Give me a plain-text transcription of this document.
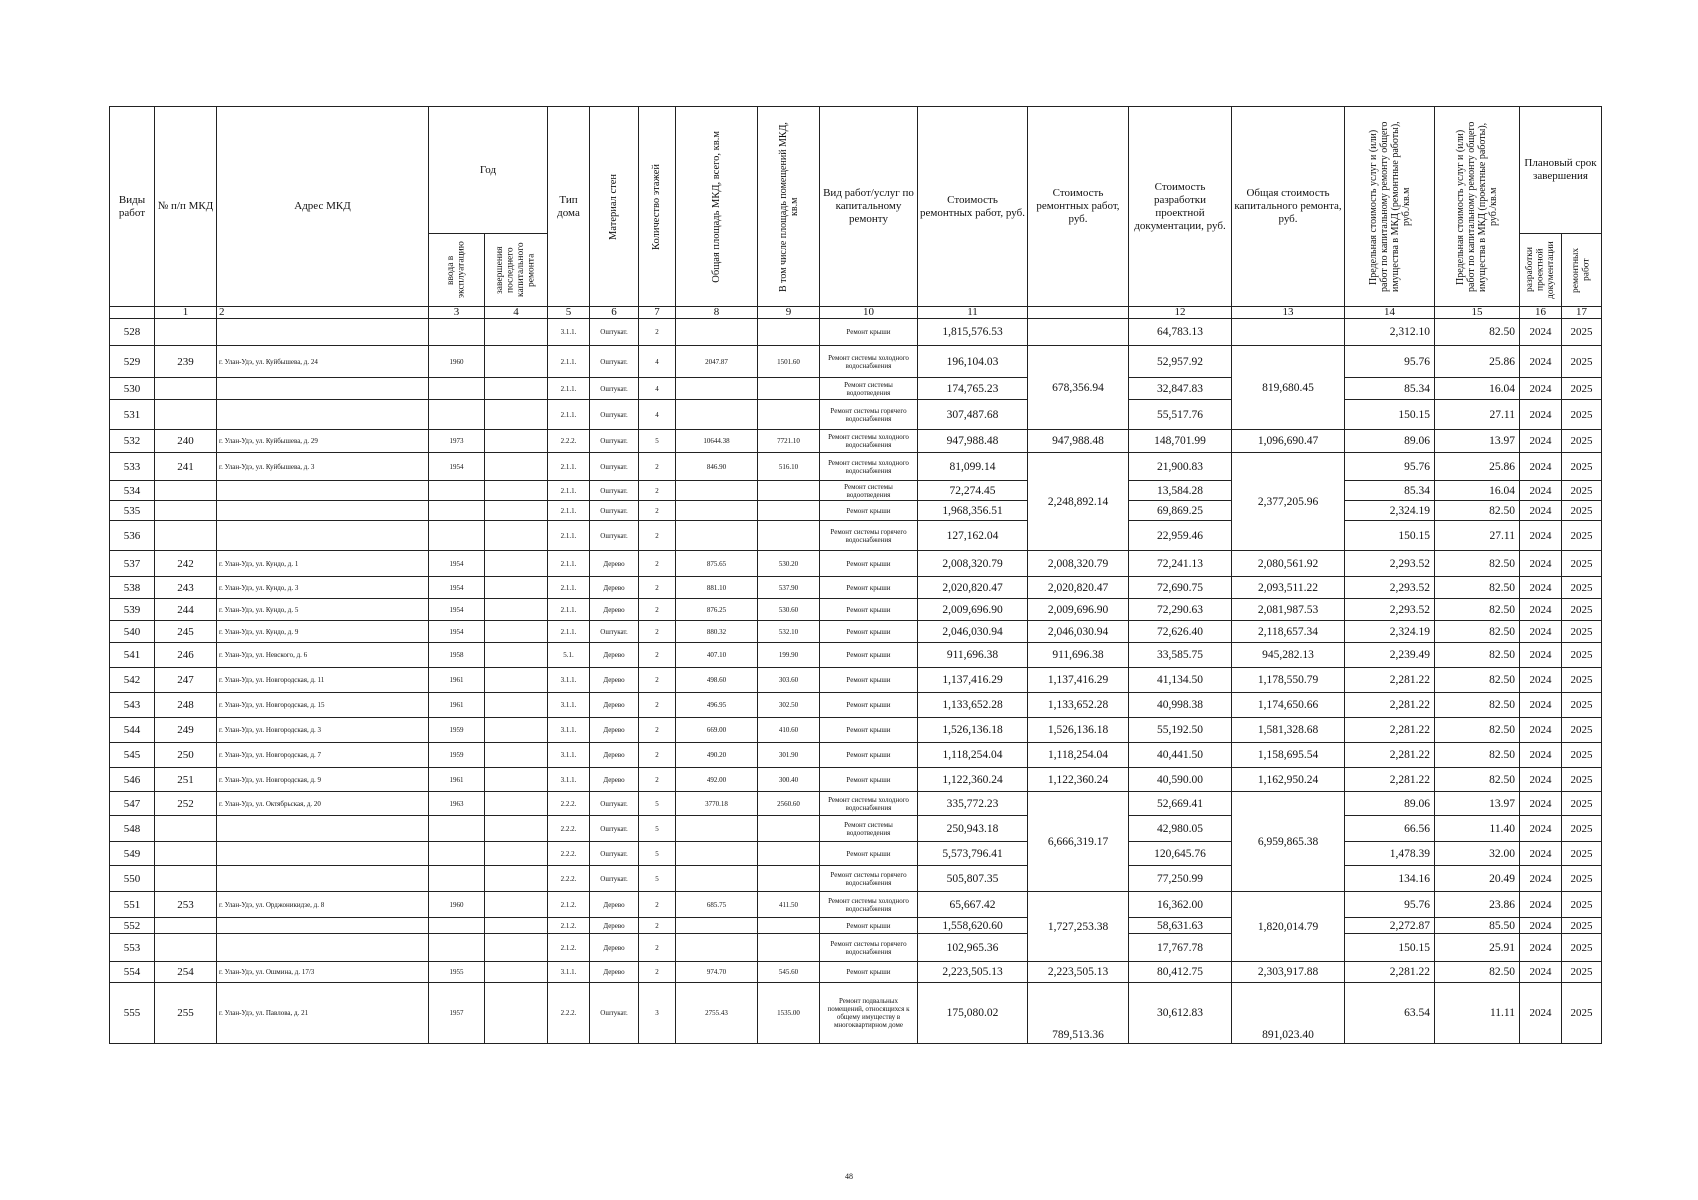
Виды работ	№ п/п МКД	Адрес МКД	Год		Тип дома	Материал стен	Количество этажей	Общая площадь МКД, всего, кв.м	В том числе площадь помещений МКД, кв.м	Вид работ/услуг по капитальному ремонту	Стоимость ремонтных работ, руб.	Стоимость ремонтных работ, руб.	Стоимость разработки проектной документации, руб.	Общая стоимость капитального ремонта, руб.	Предельная стоимость услуг и (или) работ по капитальному ремонту общего имущества в МКД (ремонтные работы), руб./кв.м	Предельная стоимость услуг и (или) работ по капитальному ремонту общего имущества в МКД (проектные работы), руб./кв.м	Плановый срок завершения	

			ввода в эксплуатацию	завершения последнего капитального ремонта													разработки проектной документации	ремонтных работ

	1	2	3	4	5	6	7	8	9	10	11		12	13	14	15	16	17
528					3.1.1.	Оштукат.	2			Ремонт крыши	1,815,576.53		64,783.13		2,312.10	82.50	2024	2025
529	239	г. Улан-Удэ, ул. Куйбышева, д. 24	1960		2.1.1.	Оштукат.	4	2047.87	1501.60	Ремонт системы холодного водоснабжения	196,104.03	678,356.94	52,957.92	819,680.45	95.76	25.86	2024	2025
530					2.1.1.	Оштукат.	4			Ремонт системы водоотведения	174,765.23		32,847.83		85.34	16.04	2024	2025
531					2.1.1.	Оштукат.	4			Ремонт системы горячего водоснабжения	307,487.68		55,517.76		150.15	27.11	2024	2025
532	240	г. Улан-Удэ, ул. Куйбышева, д. 29	1973		2.2.2.	Оштукат.	5	10644.38	7721.10	Ремонт системы холодного водоснабжения	947,988.48	947,988.48	148,701.99	1,096,690.47	89.06	13.97	2024	2025
533	241	г. Улан-Удэ, ул. Куйбышева, д. 3	1954		2.1.1.	Оштукат.	2	846.90	516.10	Ремонт системы холодного водоснабжения	81,099.14	2,248,892.14	21,900.83	2,377,205.96	95.76	25.86	2024	2025
534					2.1.1.	Оштукат.	2			Ремонт системы водоотведения	72,274.45		13,584.28		85.34	16.04	2024	2025
535					2.1.1.	Оштукат.	2			Ремонт крыши	1,968,356.51		69,869.25		2,324.19	82.50	2024	2025
536					2.1.1.	Оштукат.	2			Ремонт системы горячего водоснабжения	127,162.04		22,959.46		150.15	27.11	2024	2025
537	242	г. Улан-Удэ, ул. Кундо, д. 1	1954		2.1.1.	Дерево	2	875.65	530.20	Ремонт крыши	2,008,320.79	2,008,320.79	72,241.13	2,080,561.92	2,293.52	82.50	2024	2025
538	243	г. Улан-Удэ, ул. Кундо, д. 3	1954		2.1.1.	Дерево	2	881.10	537.90	Ремонт крыши	2,020,820.47	2,020,820.47	72,690.75	2,093,511.22	2,293.52	82.50	2024	2025
539	244	г. Улан-Удэ, ул. Кундо, д. 5	1954		2.1.1.	Дерево	2	876.25	530.60	Ремонт крыши	2,009,696.90	2,009,696.90	72,290.63	2,081,987.53	2,293.52	82.50	2024	2025
540	245	г. Улан-Удэ, ул. Кундо, д. 9	1954		2.1.1.	Оштукат.	2	880.32	532.10	Ремонт крыши	2,046,030.94	2,046,030.94	72,626.40	2,118,657.34	2,324.19	82.50	2024	2025
541	246	г. Улан-Удэ, ул. Невского, д. 6	1958		5.1.	Дерево	2	407.10	199.90	Ремонт крыши	911,696.38	911,696.38	33,585.75	945,282.13	2,239.49	82.50	2024	2025
542	247	г. Улан-Удэ, ул. Новгородская, д. 11	1961		3.1.1.	Дерево	2	498.60	303.60	Ремонт крыши	1,137,416.29	1,137,416.29	41,134.50	1,178,550.79	2,281.22	82.50	2024	2025
543	248	г. Улан-Удэ, ул. Новгородская, д. 15	1961		3.1.1.	Дерево	2	496.95	302.50	Ремонт крыши	1,133,652.28	1,133,652.28	40,998.38	1,174,650.66	2,281.22	82.50	2024	2025
544	249	г. Улан-Удэ, ул. Новгородская, д. 3	1959		3.1.1.	Дерево	2	669.00	410.60	Ремонт крыши	1,526,136.18	1,526,136.18	55,192.50	1,581,328.68	2,281.22	82.50	2024	2025
545	250	г. Улан-Удэ, ул. Новгородская, д. 7	1959		3.1.1.	Дерево	2	490.20	301.90	Ремонт крыши	1,118,254.04	1,118,254.04	40,441.50	1,158,695.54	2,281.22	82.50	2024	2025
546	251	г. Улан-Удэ, ул. Новгородская, д. 9	1961		3.1.1.	Дерево	2	492.00	300.40	Ремонт крыши	1,122,360.24	1,122,360.24	40,590.00	1,162,950.24	2,281.22	82.50	2024	2025
547	252	г. Улан-Удэ, ул. Октябрьская, д. 20	1963		2.2.2.	Оштукат.	5	3770.18	2560.60	Ремонт системы холодного водоснабжения	335,772.23	6,666,319.17	52,669.41	6,959,865.38	89.06	13.97	2024	2025
548					2.2.2.	Оштукат.	5			Ремонт системы водоотведения	250,943.18		42,980.05		66.56	11.40	2024	2025
549					2.2.2.	Оштукат.	5			Ремонт крыши	5,573,796.41		120,645.76		1,478.39	32.00	2024	2025
550					2.2.2.	Оштукат.	5			Ремонт системы горячего водоснабжения	505,807.35		77,250.99		134.16	20.49	2024	2025
551	253	г. Улан-Удэ, ул. Орджоникидзе, д. 8	1960		2.1.2.	Дерево	2	685.75	411.50	Ремонт системы холодного водоснабжения	65,667.42	1,727,253.38	16,362.00	1,820,014.79	95.76	23.86	2024	2025
552					2.1.2.	Дерево	2			Ремонт крыши	1,558,620.60		58,631.63		2,272.87	85.50	2024	2025
553					2.1.2.	Дерево	2			Ремонт системы горячего водоснабжения	102,965.36		17,767.78		150.15	25.91	2024	2025
554	254	г. Улан-Удэ, ул. Ошмина, д. 17/3	1955		3.1.1.	Дерево	2	974.70	545.60	Ремонт крыши	2,223,505.13	2,223,505.13	80,412.75	2,303,917.88	2,281.22	82.50	2024	2025
555	255	г. Улан-Удэ, ул. Павлова, д. 21	1957		2.2.2.	Оштукат.	3	2755.43	1535.00	Ремонт подвальных помещений, относящихся к общему имуществу в многоквартирном доме	175,080.02	789,513.36	30,612.83	891,023.40	63.54	11.11	2024	2025
48
